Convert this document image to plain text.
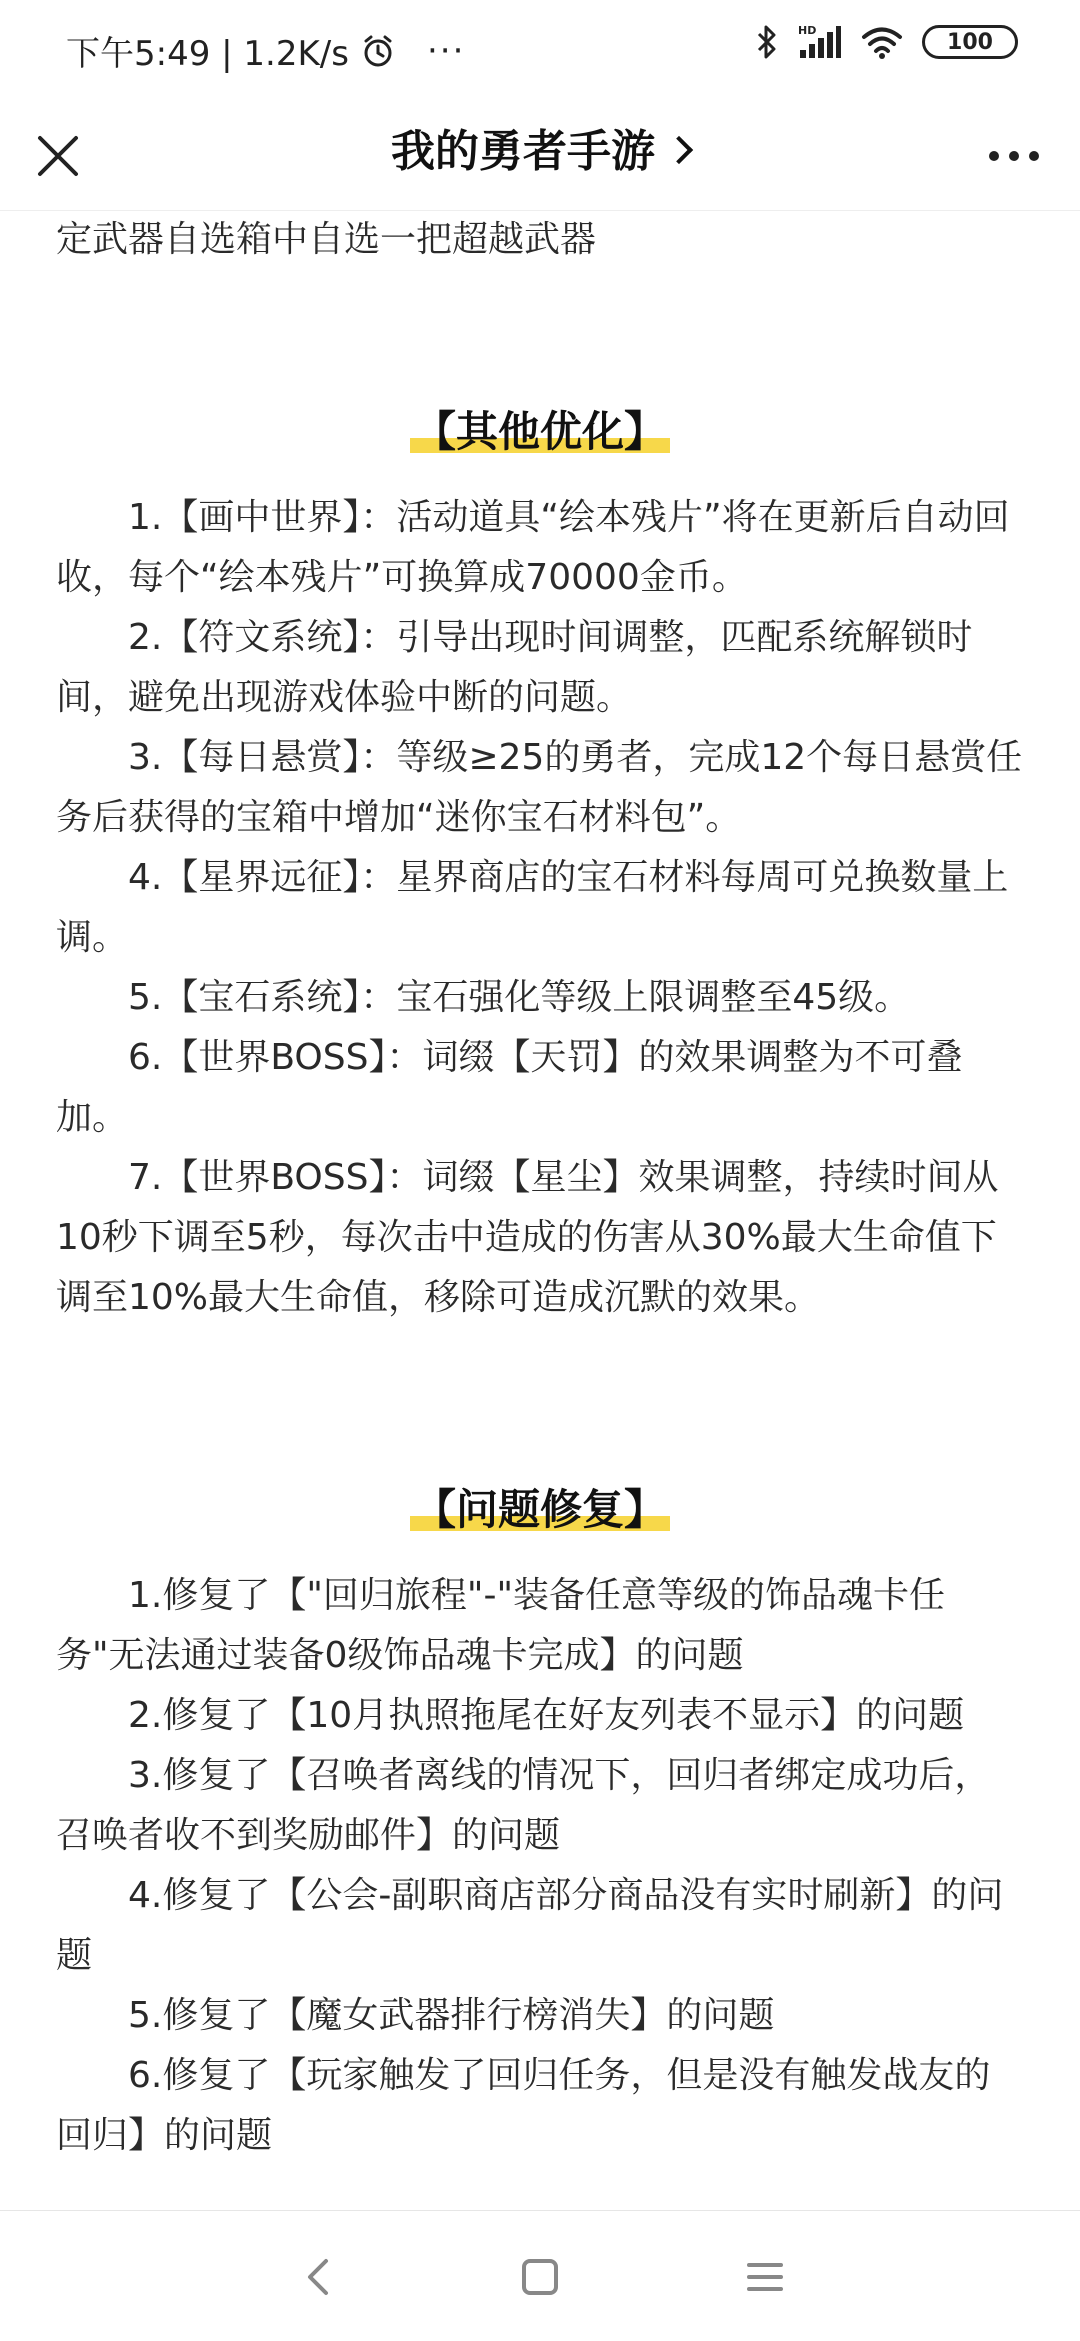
下午5:49 | 1.2K/s ···	HD	100
我的勇者手游

定武器自选箱中自选一把超越武器

【其他优化】

1.【画中世界】：活动道具“绘本残片”将在更新后自动回收，每个“绘本残片”可换算成70000金币。

2.【符文系统】：引导出现时间调整，匹配系统解锁时间，避免出现游戏体验中断的问题。

3.【每日悬赏】：等级≥25的勇者，完成12个每日悬赏任务后获得的宝箱中增加“迷你宝石材料包”。

4.【星界远征】：星界商店的宝石材料每周可兑换数量上调。

5.【宝石系统】：宝石强化等级上限调整至45级。

6.【世界BOSS】：词缀【天罚】的效果调整为不可叠加。

7.【世界BOSS】：词缀【星尘】效果调整，持续时间从10秒下调至5秒，每次击中造成的伤害从30%最大生命值下调至10%最大生命值，移除可造成沉默的效果。

【问题修复】

1.修复了【"回归旅程"-"装备任意等级的饰品魂卡任务"无法通过装备0级饰品魂卡完成】的问题

2.修复了【10月执照拖尾在好友列表不显示】的问题

3.修复了【召唤者离线的情况下，回归者绑定成功后，召唤者收不到奖励邮件】的问题

4.修复了【公会-副职商店部分商品没有实时刷新】的问题

5.修复了【魔女武器排行榜消失】的问题

6.修复了【玩家触发了回归任务，但是没有触发战友的回归】的问题
